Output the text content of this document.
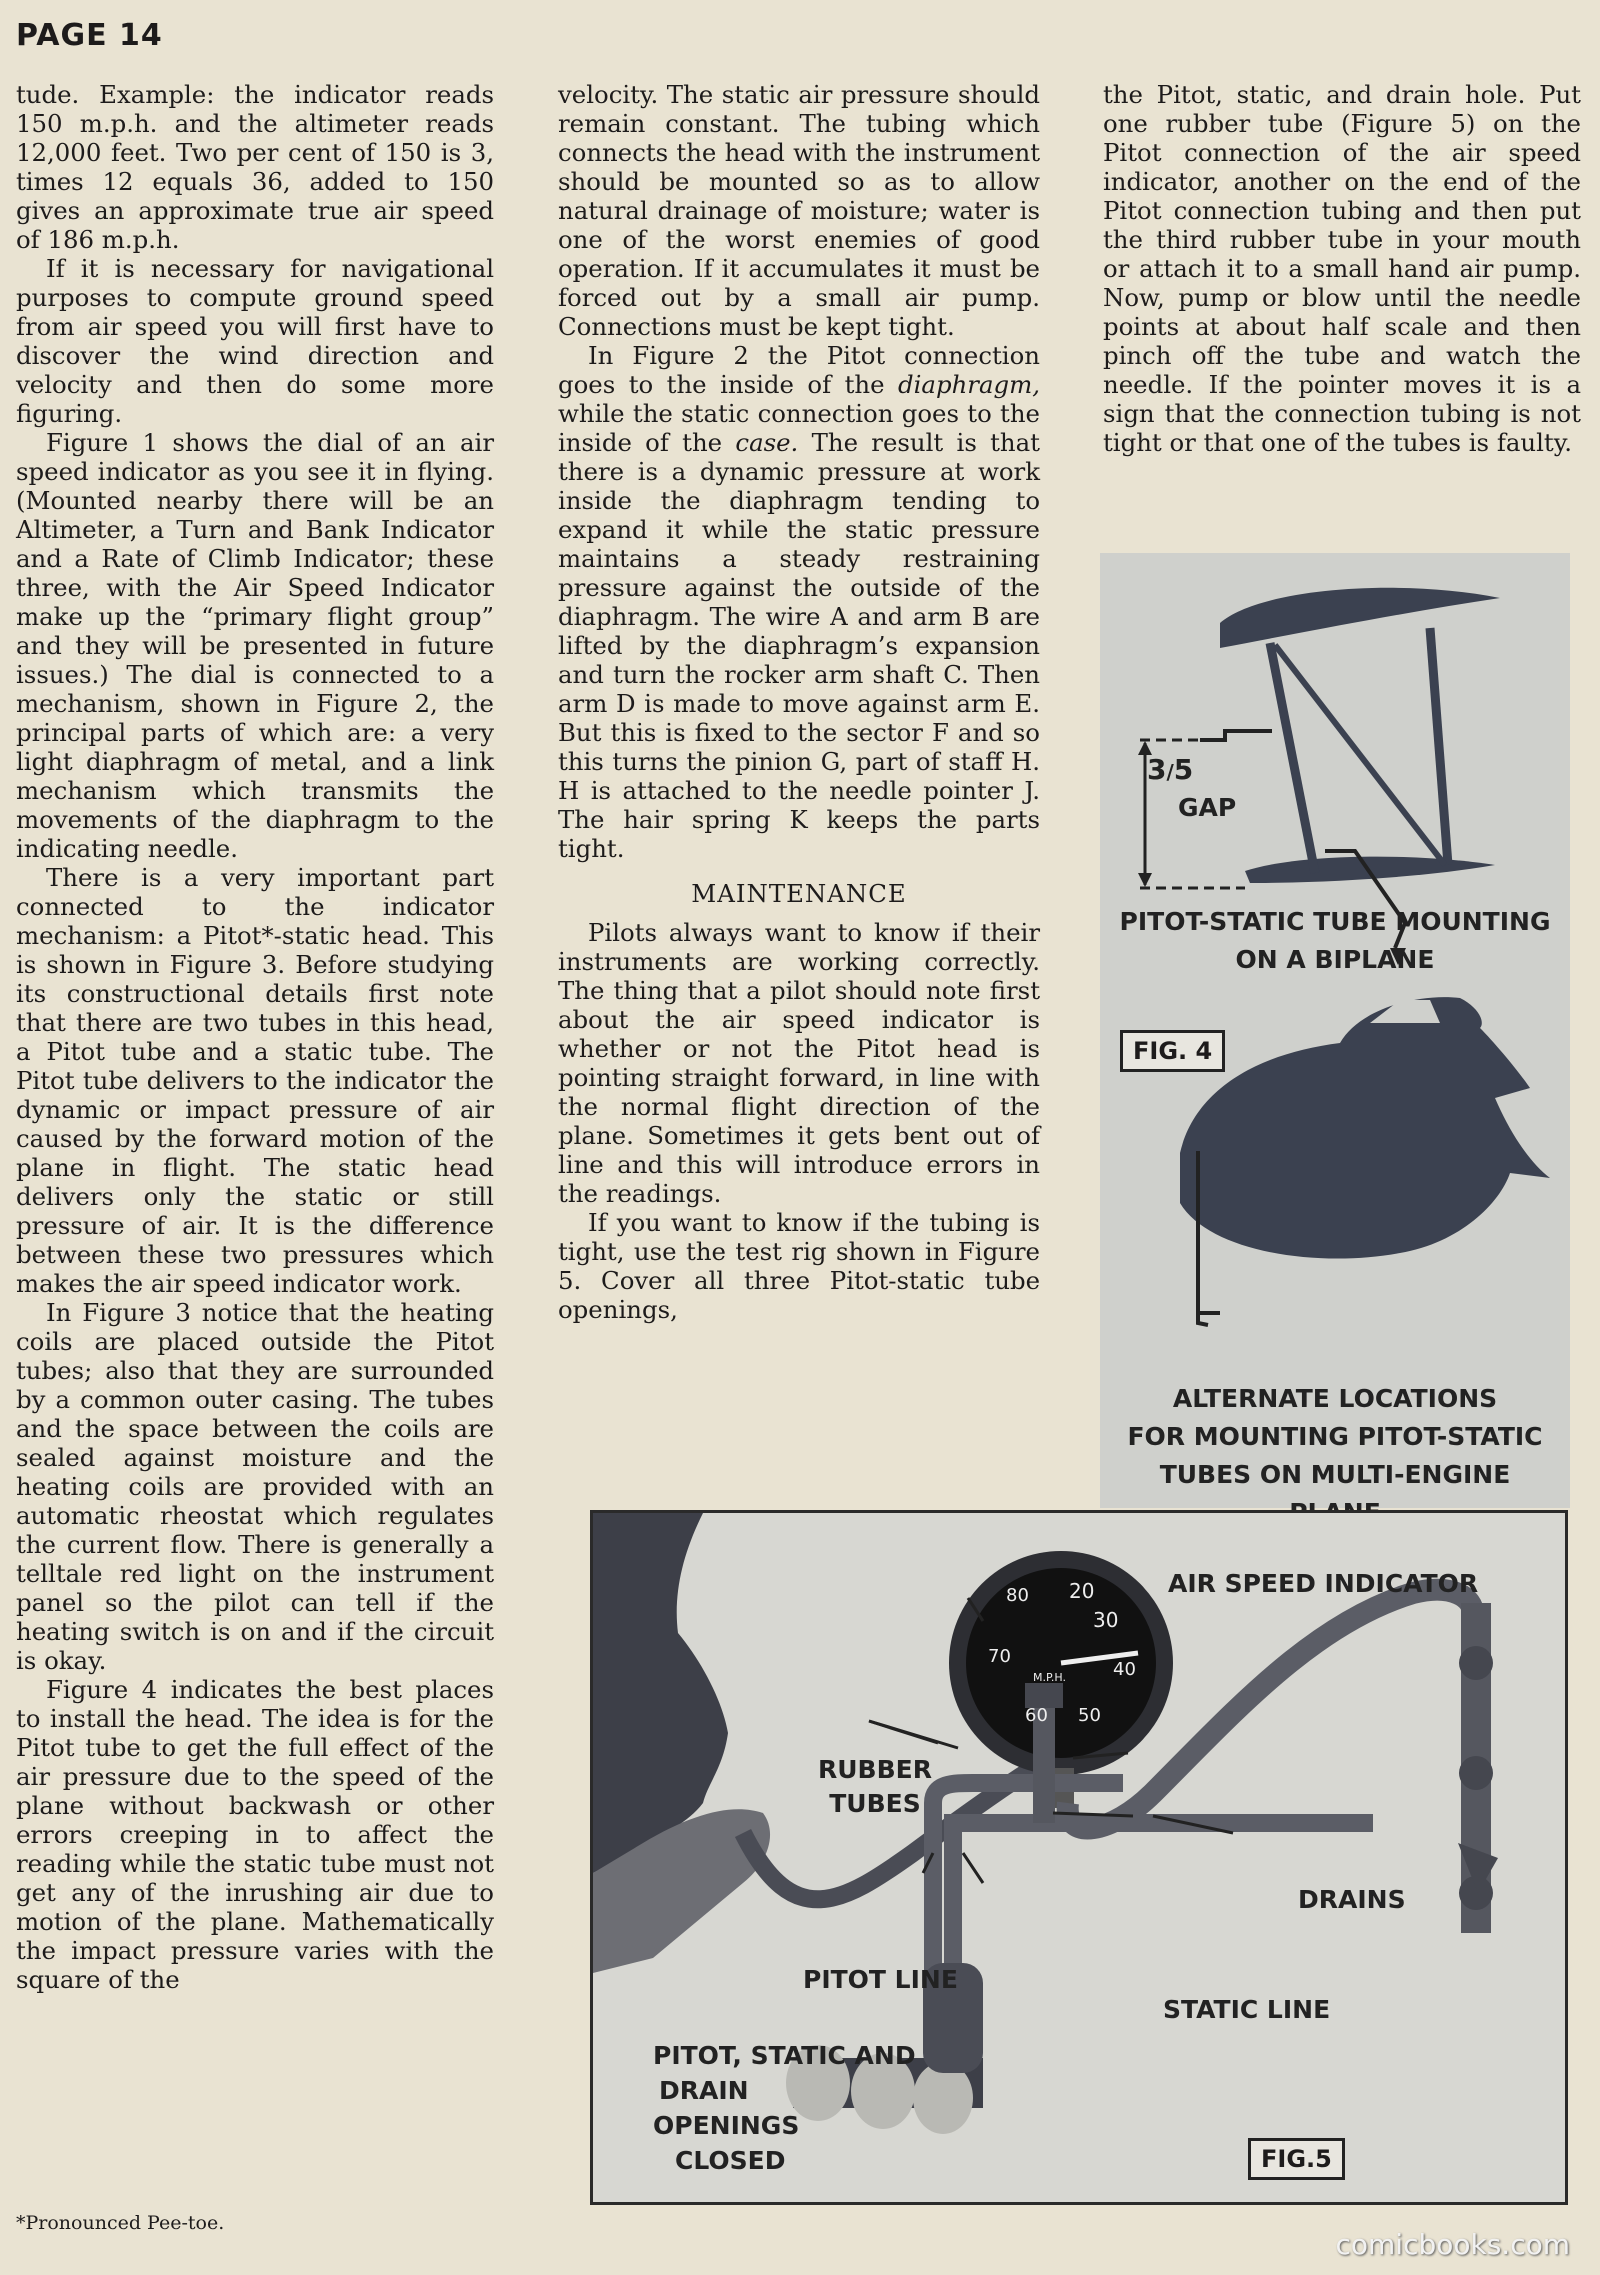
PAGE 14

tude. Example: the indicator reads 150 m.p.h. and the altimeter reads 12,000 feet. Two per cent of 150 is 3, times 12 equals 36, added to 150 gives an approximate true air speed of 186 m.p.h.

If it is necessary for navigational purposes to compute ground speed from air speed you will first have to discover the wind direction and velocity and then do some more figuring.

Figure 1 shows the dial of an air speed indicator as you see it in flying. (Mounted nearby there will be an Altimeter, a Turn and Bank Indicator and a Rate of Climb Indicator; these three, with the Air Speed Indicator make up the “primary flight group” and they will be presented in future issues.) The dial is connected to a mechanism, shown in Figure 2, the principal parts of which are: a very light diaphragm of metal, and a link mechanism which transmits the movements of the diaphragm to the indicating needle.

There is a very important part connected to the indicator mechanism: a Pitot*-static head. This is shown in Figure 3. Before studying its constructional details first note that there are two tubes in this head, a Pitot tube and a static tube. The Pitot tube delivers to the indicator the dynamic or impact pressure of air caused by the forward motion of the plane in flight. The static head delivers only the static or still pressure of air. It is the difference between these two pressures which makes the air speed indicator work.

In Figure 3 notice that the heating coils are placed outside the Pitot tubes; also that they are surrounded by a common outer casing. The tubes and the space between the coils are sealed against moisture and the heating coils are provided with an automatic rheostat which regulates the current flow. There is generally a telltale red light on the instrument panel so the pilot can tell if the heating switch is on and if the circuit is okay.

Figure 4 indicates the best places to install the head. The idea is for the Pitot tube to get the full effect of the air pressure due to the speed of the plane without backwash or other errors creeping in to affect the reading while the static tube must not get any of the inrushing air due to motion of the plane. Mathematically the impact pressure varies with the square of the

velocity. The static air pressure should remain constant. The tubing which connects the head with the instrument should be mounted so as to allow natural drainage of moisture; water is one of the worst enemies of good operation. If it accumulates it must be forced out by a small air pump. Connections must be kept tight.

In Figure 2 the Pitot connection goes to the inside of the diaphragm, while the static connection goes to the inside of the case. The result is that there is a dynamic pressure at work inside the diaphragm tending to expand it while the static pressure maintains a steady restraining pressure against the outside of the diaphragm. The wire A and arm B are lifted by the diaphragm’s expansion and turn the rocker arm shaft C. Then arm D is made to move against arm E. But this is fixed to the sector F and so this turns the pinion G, part of staff H. H is attached to the needle pointer J. The hair spring K keeps the parts tight.

MAINTENANCE

Pilots always want to know if their instruments are working correctly. The thing that a pilot should note first about the air speed indicator is whether or not the Pitot head is pointing straight forward, in line with the normal flight direction of the plane. Sometimes it gets bent out of line and this will introduce errors in the readings.

If you want to know if the tubing is tight, use the test rig shown in Figure 5. Cover all three Pitot-static tube openings,

the Pitot, static, and drain hole. Put one rubber tube (Figure 5) on the Pitot connection of the air speed indicator, another on the end of the Pitot connection tubing and then put the third rubber tube in your mouth or attach it to a small hand air pump. Now, pump or blow until the needle points at about half scale and then pinch off the tube and watch the needle. If the pointer moves it is a sign that the connection tubing is not tight or that one of the tubes is faulty.

3/5
GAP
PITOT-STATIC TUBE MOUNTING
ON A BIPLANE
FIG. 4
ALTERNATE LOCATIONS
FOR MOUNTING PITOT-STATIC
TUBES ON MULTI-ENGINE
80 20
30
70
40
60 50
M.P.H.
AIR SPEED INDICATOR
RUBBER
TUBES
DRAINS
PITOT LINE
STATIC LINE
PITOT, STATIC AND
DRAIN
OPENINGS
CLOSED	FIG.5
*Pronounced Pee-toe.
comicbooks.com
